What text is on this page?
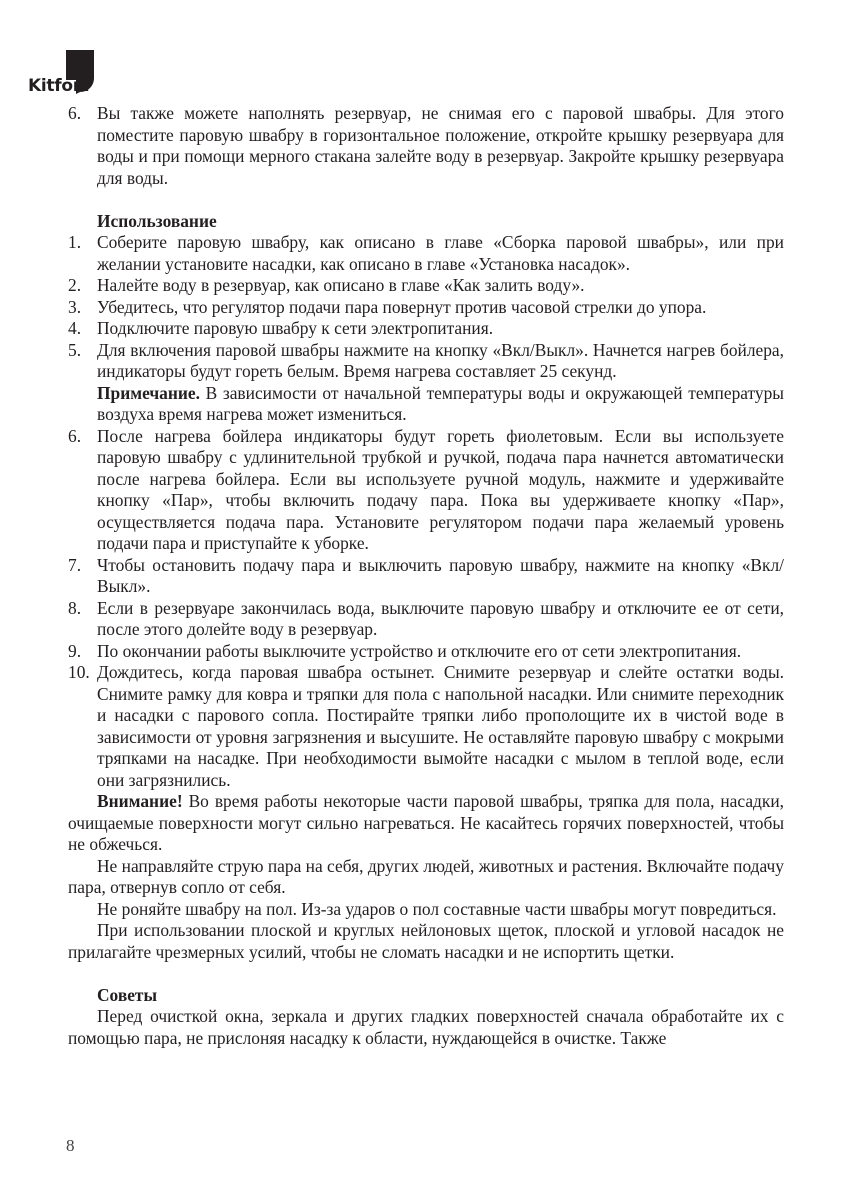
Kitfort
6. Вы также можете наполнять резервуар, не снимая его с паровой швабры. Для этого поместите паровую швабру в горизонтальное положение, откройте крышку резервуара для воды и при помощи мерного стакана залейте воду в резервуар. Закройте крышку резервуара для воды.
Использование
1. Соберите паровую швабру, как описано в главе «Сборка паровой швабры», или при желании установите насадки, как описано в главе «Установка насадок».
2. Налейте воду в резервуар, как описано в главе «Как залить воду».
3. Убедитесь, что регулятор подачи пара повернут против часовой стрелки до упора.
4. Подключите паровую швабру к сети электропитания.
5. Для включения паровой швабры нажмите на кнопку «Вкл/Выкл». Начнется нагрев бойлера, индикаторы будут гореть белым. Время нагрева составляет 25 секунд.
Примечание. В зависимости от начальной температуры воды и окружающей температуры воздуха время нагрева может измениться.
6. После нагрева бойлера индикаторы будут гореть фиолетовым. Если вы используете паровую швабру с удлинительной трубкой и ручкой, подача пара начнется автоматически после нагрева бойлера. Если вы используете ручной модуль, нажмите и удерживайте кнопку «Пар», чтобы включить подачу пара. Пока вы удерживаете кнопку «Пар», осуществляется подача пара. Установите регулятором подачи пара желаемый уровень подачи пара и приступайте к уборке.
7. Чтобы остановить подачу пара и выключить паровую швабру, нажмите на кнопку «Вкл/Выкл».
8. Если в резервуаре закончилась вода, выключите паровую швабру и отключите ее от сети, после этого долейте воду в резервуар.
9. По окончании работы выключите устройство и отключите его от сети электропитания.
10. Дождитесь, когда паровая швабра остынет. Снимите резервуар и слейте остатки воды. Снимите рамку для ковра и тряпки для пола с напольной насадки. Или снимите переходник и насадки с парового сопла. Постирайте тряпки либо прополощите их в чистой воде в зависимости от уровня загрязнения и высушите. Не оставляйте паровую швабру с мокрыми тряпками на насадке. При необходимости вымойте насадки с мылом в теплой воде, если они загрязнились.
Внимание! Во время работы некоторые части паровой швабры, тряпка для пола, насадки, очищаемые поверхности могут сильно нагреваться. Не касайтесь горячих поверхностей, чтобы не обжечься.
Не направляйте струю пара на себя, других людей, животных и растения. Включайте подачу пара, отвернув сопло от себя.
Не роняйте швабру на пол. Из-за ударов о пол составные части швабры могут повредиться.
При использовании плоской и круглых нейлоновых щеток, плоской и угловой насадок не прилагайте чрезмерных усилий, чтобы не сломать насадки и не испортить щетки.
Советы
Перед очисткой окна, зеркала и других гладких поверхностей сначала обработайте их с помощью пара, не прислоняя насадку к области, нуждающейся в очистке. Также
8
